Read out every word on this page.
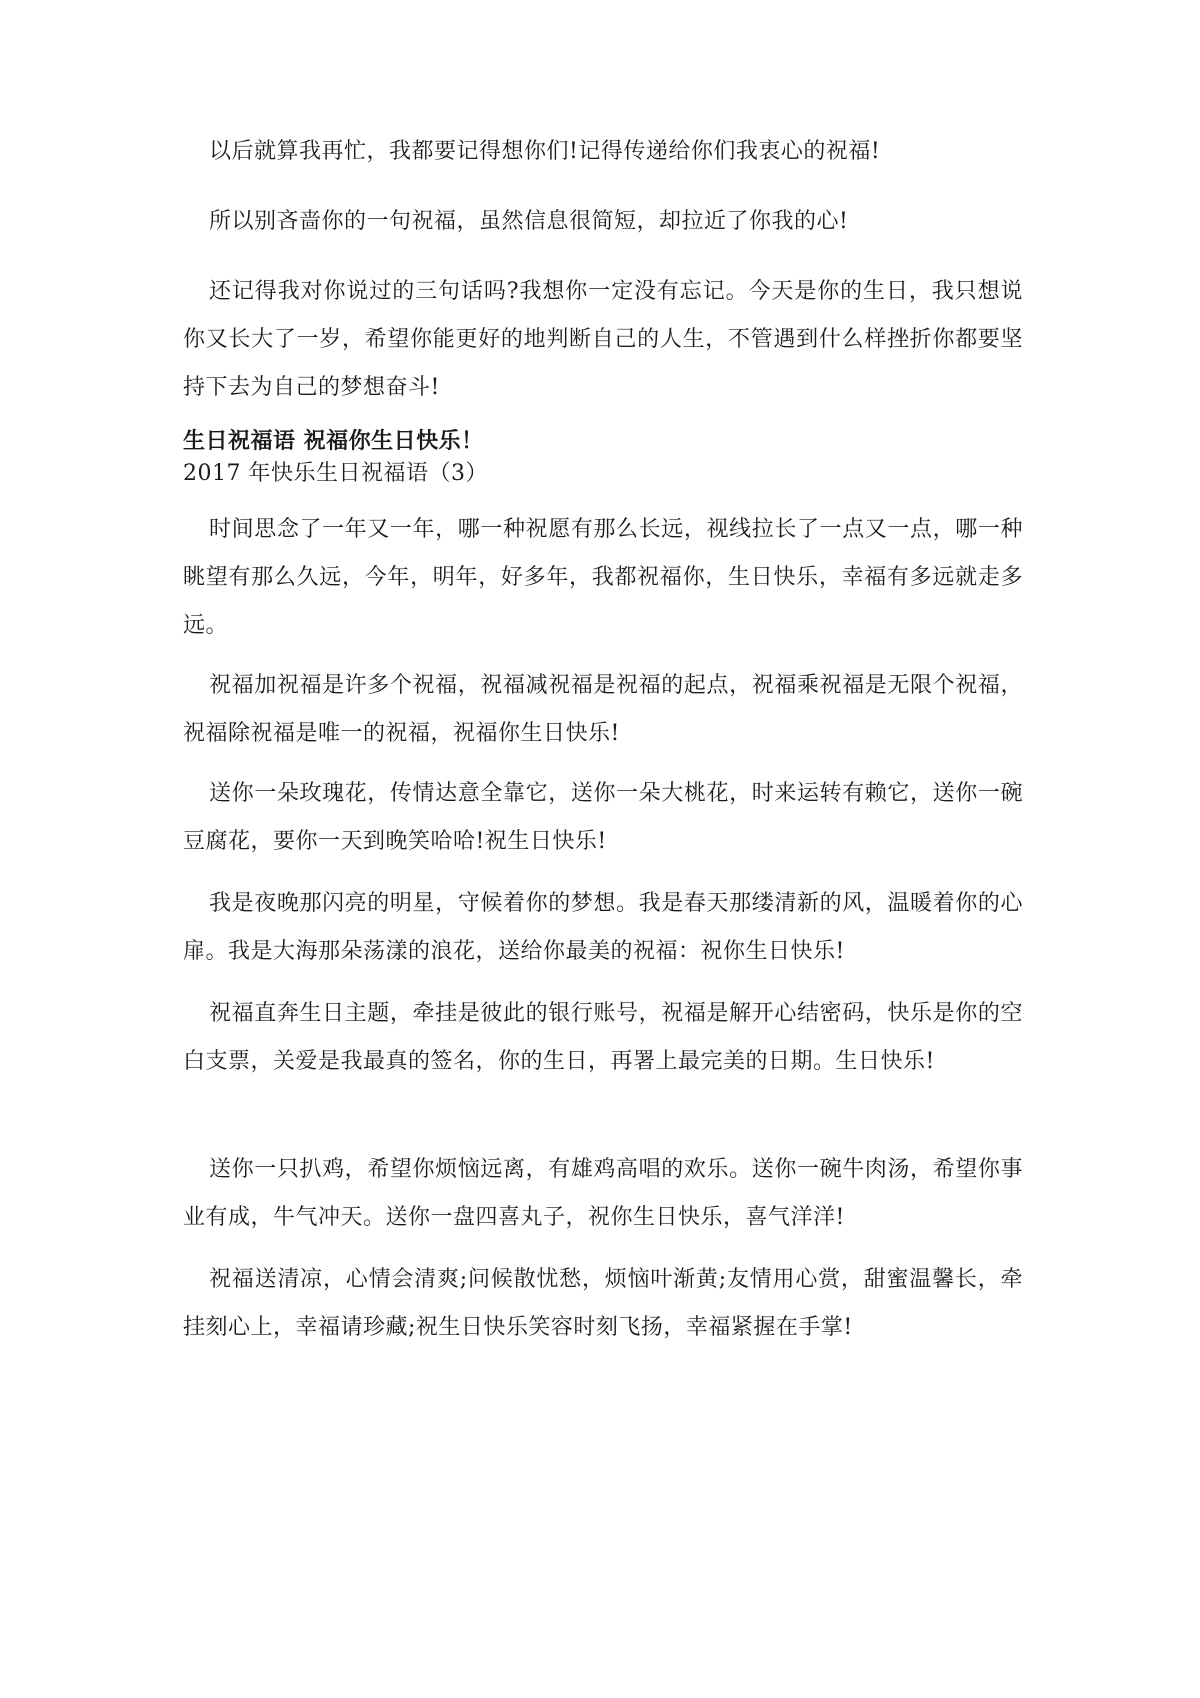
以后就算我再忙，我都要记得想你们!记得传递给你们我衷心的祝福!

所以别吝啬你的一句祝福，虽然信息很简短，却拉近了你我的心!

还记得我对你说过的三句话吗?我想你一定没有忘记。今天是你的生日，我只想说你又长大了一岁，希望你能更好的地判断自己的人生，不管遇到什么样挫折你都要坚持下去为自己的梦想奋斗!

生日祝福语 祝福你生日快乐！
2017 年快乐生日祝福语（3）

时间思念了一年又一年，哪一种祝愿有那么长远，视线拉长了一点又一点，哪一种眺望有那么久远，今年，明年，好多年，我都祝福你，生日快乐，幸福有多远就走多远。

祝福加祝福是许多个祝福，祝福减祝福是祝福的起点，祝福乘祝福是无限个祝福，祝福除祝福是唯一的祝福，祝福你生日快乐!

送你一朵玫瑰花，传情达意全靠它，送你一朵大桃花，时来运转有赖它，送你一碗豆腐花，要你一天到晚笑哈哈!祝生日快乐!

我是夜晚那闪亮的明星，守候着你的梦想。我是春天那缕清新的风，温暖着你的心扉。我是大海那朵荡漾的浪花，送给你最美的祝福：祝你生日快乐!

祝福直奔生日主题，牵挂是彼此的银行账号，祝福是解开心结密码，快乐是你的空白支票，关爱是我最真的签名，你的生日，再署上最完美的日期。生日快乐!

送你一只扒鸡，希望你烦恼远离，有雄鸡高唱的欢乐。送你一碗牛肉汤，希望你事业有成，牛气冲天。送你一盘四喜丸子，祝你生日快乐，喜气洋洋!

祝福送清凉，心情会清爽;问候散忧愁，烦恼叶渐黄;友情用心赏，甜蜜温馨长，牵挂刻心上，幸福请珍藏;祝生日快乐笑容时刻飞扬，幸福紧握在手掌!
